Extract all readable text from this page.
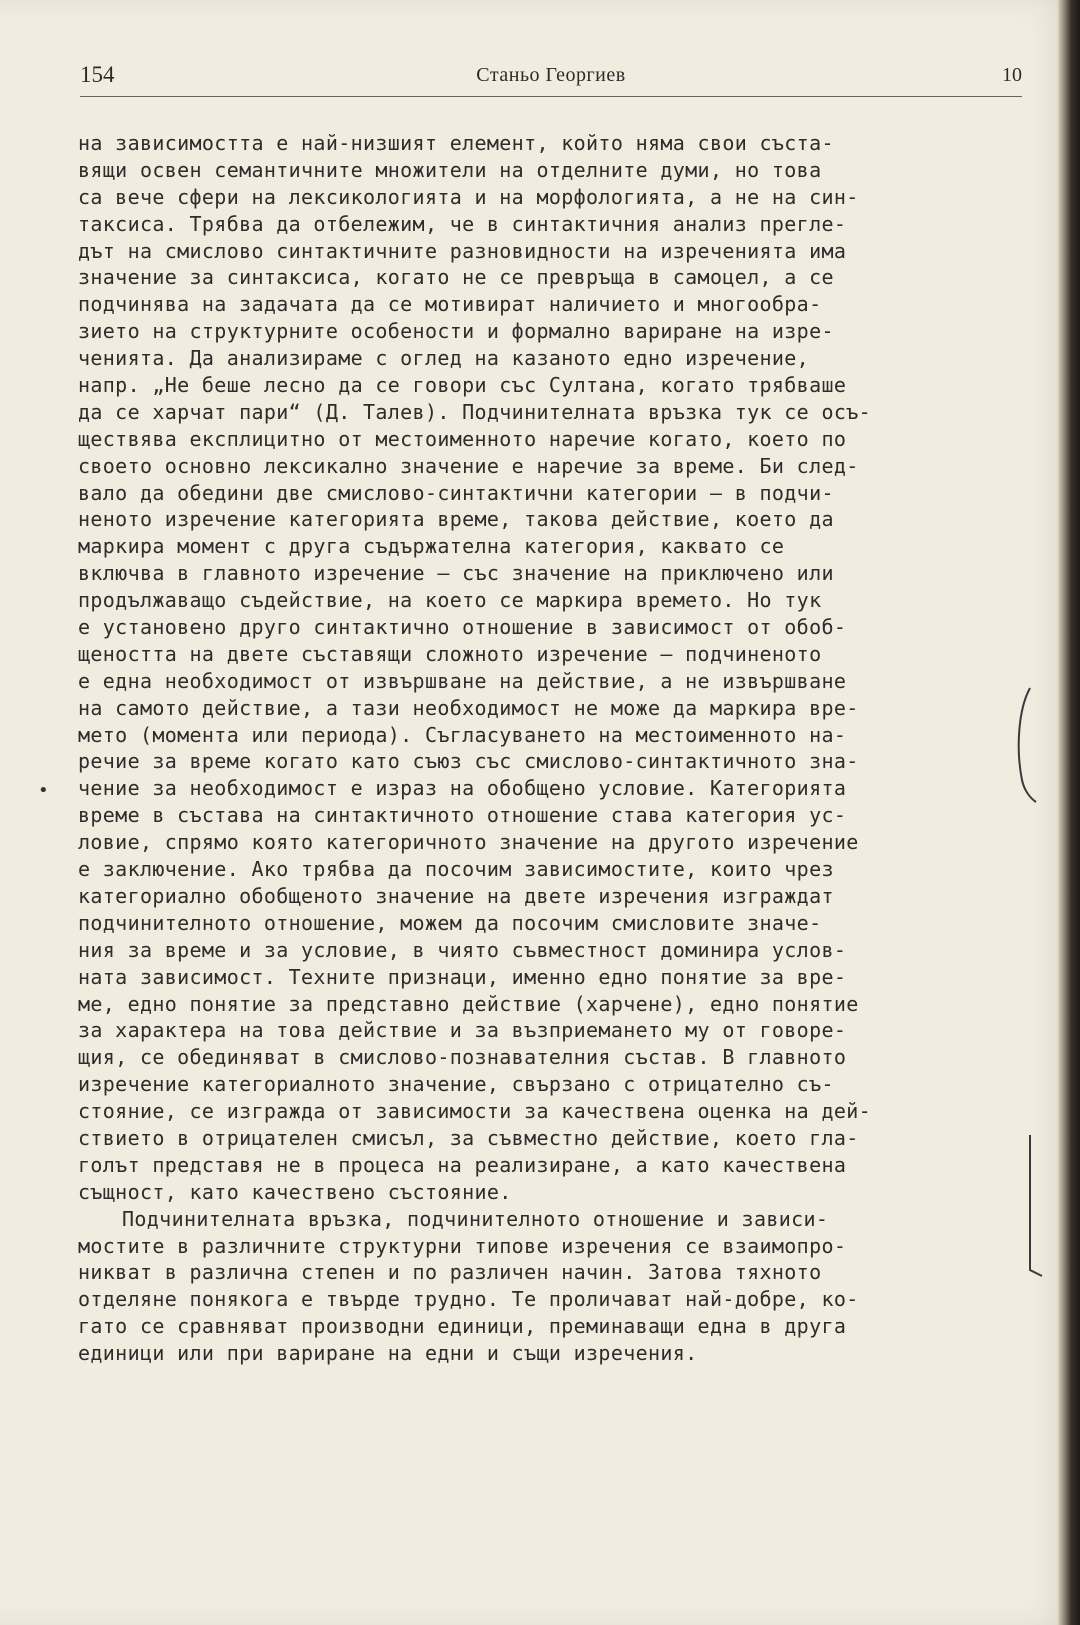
154	Станьо Георгиев	10
•
на зависимостта е най-низшият елемент, който няма свои съста-
вящи освен семантичните множители на отделните думи, но това
са вече сфери на лексикологията и на морфологията, а не на син-
таксиса. Трябва да отбележим, че в синтактичния анализ прегле-
дът на смислово синтактичните разновидности на изреченията има
значение за синтаксиса, когато не се превръща в самоцел, а се
подчинява на задачата да се мотивират наличието и многообра-
зието на структурните особености и формално вариране на изре-
ченията. Да анализираме с оглед на казаното едно изречение,
напр. „Не беше лесно да се говори със Султана, когато трябваше
да се харчат пари“ (Д. Талев). Подчинителната връзка тук се осъ-
ществява експлицитно от местоименното наречие когато, което по
своето основно лексикално значение е наречие за време. Би след-
вало да обедини две смислово-синтактични категории — в подчи-
неното изречение категорията време, такова действие, което да
маркира момент с друга съдържателна категория, каквато се
включва в главното изречение — със значение на приключено или
продължаващо съдействие, на което се маркира времето. Но тук
е установено друго синтактично отношение в зависимост от обоб-
щеността на двете съставящи сложното изречение — подчиненото
е една необходимост от извършване на действие, а не извършване
на самото действие, а тази необходимост не може да маркира вре-
мето (момента или периода). Съгласуването на местоименното на-
речие за време когато като съюз със смислово-синтактичното зна-
чение за необходимост е израз на обобщено условие. Категорията
време в състава на синтактичното отношение става категория ус-
ловие, спрямо която категоричното значение на другото изречение
е заключение. Ако трябва да посочим зависимостите, които чрез
категориално обобщеното значение на двете изречения изграждат
подчинителното отношение, можем да посочим смисловите значе-
ния за време и за условие, в чиято съвместност доминира услов-
ната зависимост. Техните признаци, именно едно понятие за вре-
ме, едно понятие за представно действие (харчене), едно понятие
за характера на това действие и за възприемането му от говоре-
щия, се обединяват в смислово-познавателния състав. В главното
изречение категориалното значение, свързано с отрицателно съ-
стояние, се изгражда от зависимости за качествена оценка на дей-
ствието в отрицателен смисъл, за съвместно действие, което гла-
голът представя не в процеса на реализиране, а като качествена
същност, като качествено състояние.
Подчинителната връзка, подчинителното отношение и зависи-
мостите в различните структурни типове изречения се взаимопро-
никват в различна степен и по различен начин. Затова тяхното
отделяне понякога е твърде трудно. Те проличават най-добре, ко-
гато се сравняват производни единици, преминаващи една в друга
единици или при вариране на едни и същи изречения.
